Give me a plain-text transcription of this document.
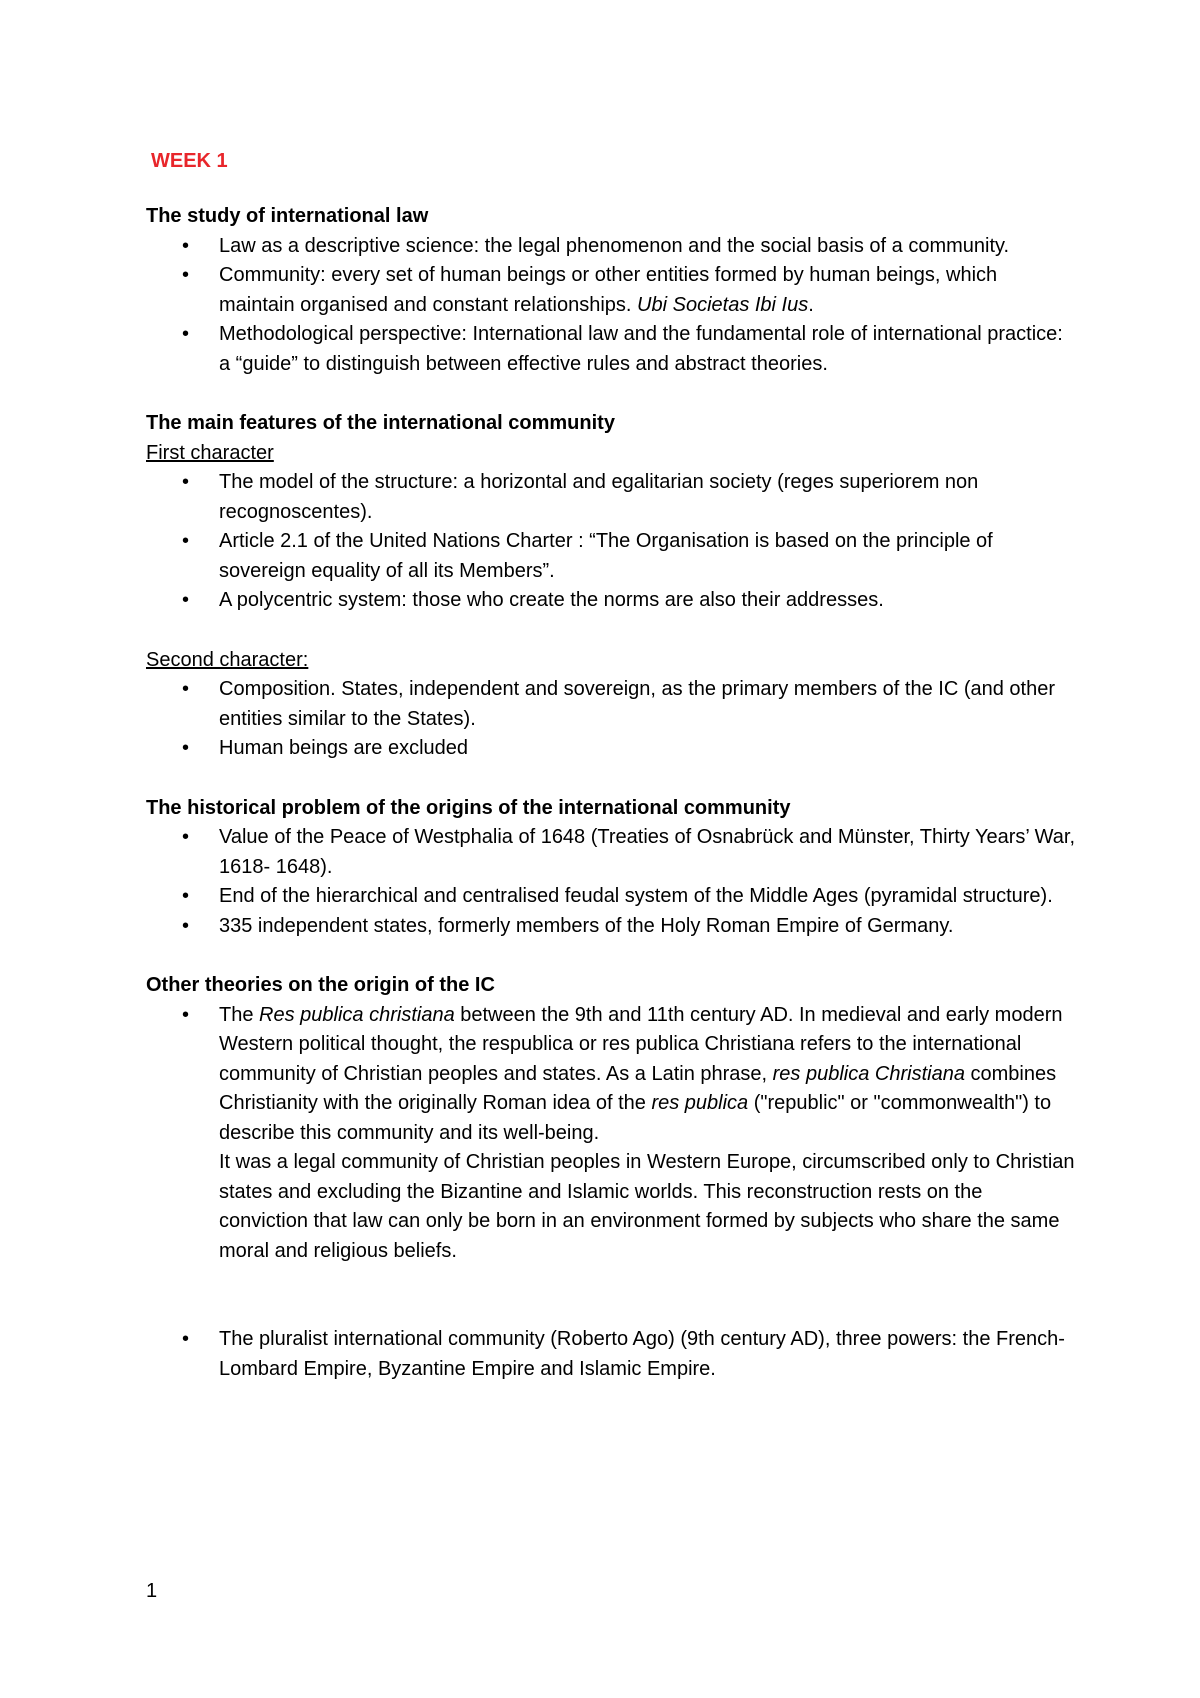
WEEK 1
The study of international law
• Law as a descriptive science: the legal phenomenon and the social basis of a community.
• Community: every set of human beings or other entities formed by human beings, which maintain organised and constant relationships. Ubi Societas Ibi Ius.
• Methodological perspective: International law and the fundamental role of international practice: a “guide” to distinguish between effective rules and abstract theories.
The main features of the international community
First character
• The model of the structure: a horizontal and egalitarian society (reges superiorem non recognoscentes).
• Article 2.1 of the United Nations Charter : “The Organisation is based on the principle of sovereign equality of all its Members”.
• A polycentric system: those who create the norms are also their addresses.
Second character:
• Composition. States, independent and sovereign, as the primary members of the IC (and other entities similar to the States).
• Human beings are excluded
The historical problem of the origins of the international community
• Value of the Peace of Westphalia of 1648 (Treaties of Osnabrück and Münster, Thirty Years’ War, 1618- 1648).
• End of the hierarchical and centralised feudal system of the Middle Ages (pyramidal structure).
• 335 independent states, formerly members of the Holy Roman Empire of Germany.
Other theories on the origin of the IC
• The Res publica christiana between the 9th and 11th century AD. In medieval and early modern Western political thought, the respublica or res publica Christiana refers to the international community of Christian peoples and states. As a Latin phrase, res publica Christiana combines Christianity with the originally Roman idea of the res publica ("republic" or "commonwealth") to describe this community and its well-being.
It was a legal community of Christian peoples in Western Europe, circumscribed only to Christian states and excluding the Bizantine and Islamic worlds. This reconstruction rests on the conviction that law can only be born in an environment formed by subjects who share the same moral and religious beliefs.
• The pluralist international community (Roberto Ago) (9th century AD), three powers: the French-Lombard Empire, Byzantine Empire and Islamic Empire.
1
